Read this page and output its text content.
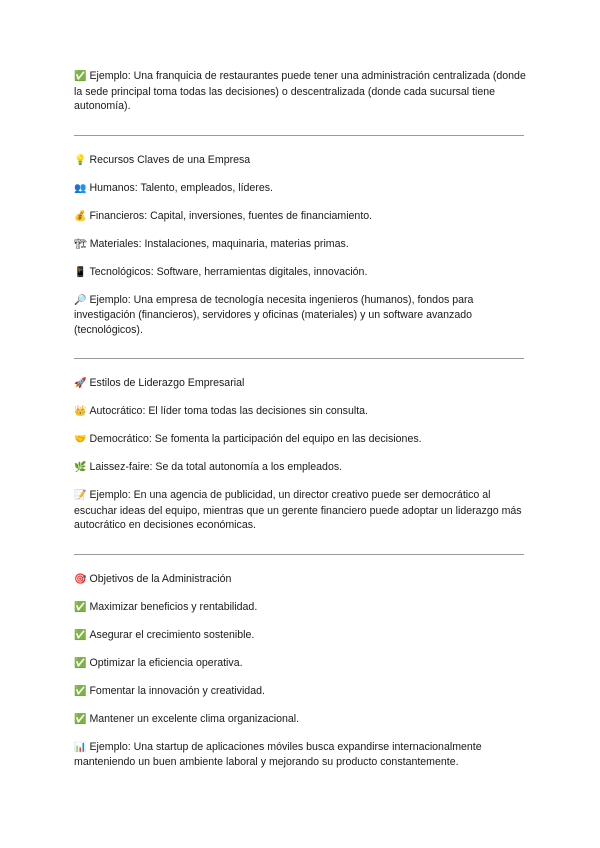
✅ Ejemplo: Una franquicia de restaurantes puede tener una administración centralizada (donde la sede principal toma todas las decisiones) o descentralizada (donde cada sucursal tiene autonomía).

💡 Recursos Claves de una Empresa

👥 Humanos: Talento, empleados, líderes.

💰 Financieros: Capital, inversiones, fuentes de financiamiento.

🏗 Materiales: Instalaciones, maquinaria, materias primas.

📱 Tecnológicos: Software, herramientas digitales, innovación.

🔎 Ejemplo: Una empresa de tecnología necesita ingenieros (humanos), fondos para investigación (financieros), servidores y oficinas (materiales) y un software avanzado (tecnológicos).

🚀 Estilos de Liderazgo Empresarial

👑 Autocrático: El líder toma todas las decisiones sin consulta.

🤝 Democrático: Se fomenta la participación del equipo en las decisiones.

🌿 Laissez-faire: Se da total autonomía a los empleados.

📝 Ejemplo: En una agencia de publicidad, un director creativo puede ser democrático al escuchar ideas del equipo, mientras que un gerente financiero puede adoptar un liderazgo más autocrático en decisiones económicas.

🎯 Objetivos de la Administración

✅ Maximizar beneficios y rentabilidad.

✅ Asegurar el crecimiento sostenible.

✅ Optimizar la eficiencia operativa.

✅ Fomentar la innovación y creatividad.

✅ Mantener un excelente clima organizacional.

📊 Ejemplo: Una startup de aplicaciones móviles busca expandirse internacionalmente manteniendo un buen ambiente laboral y mejorando su producto constantemente.
